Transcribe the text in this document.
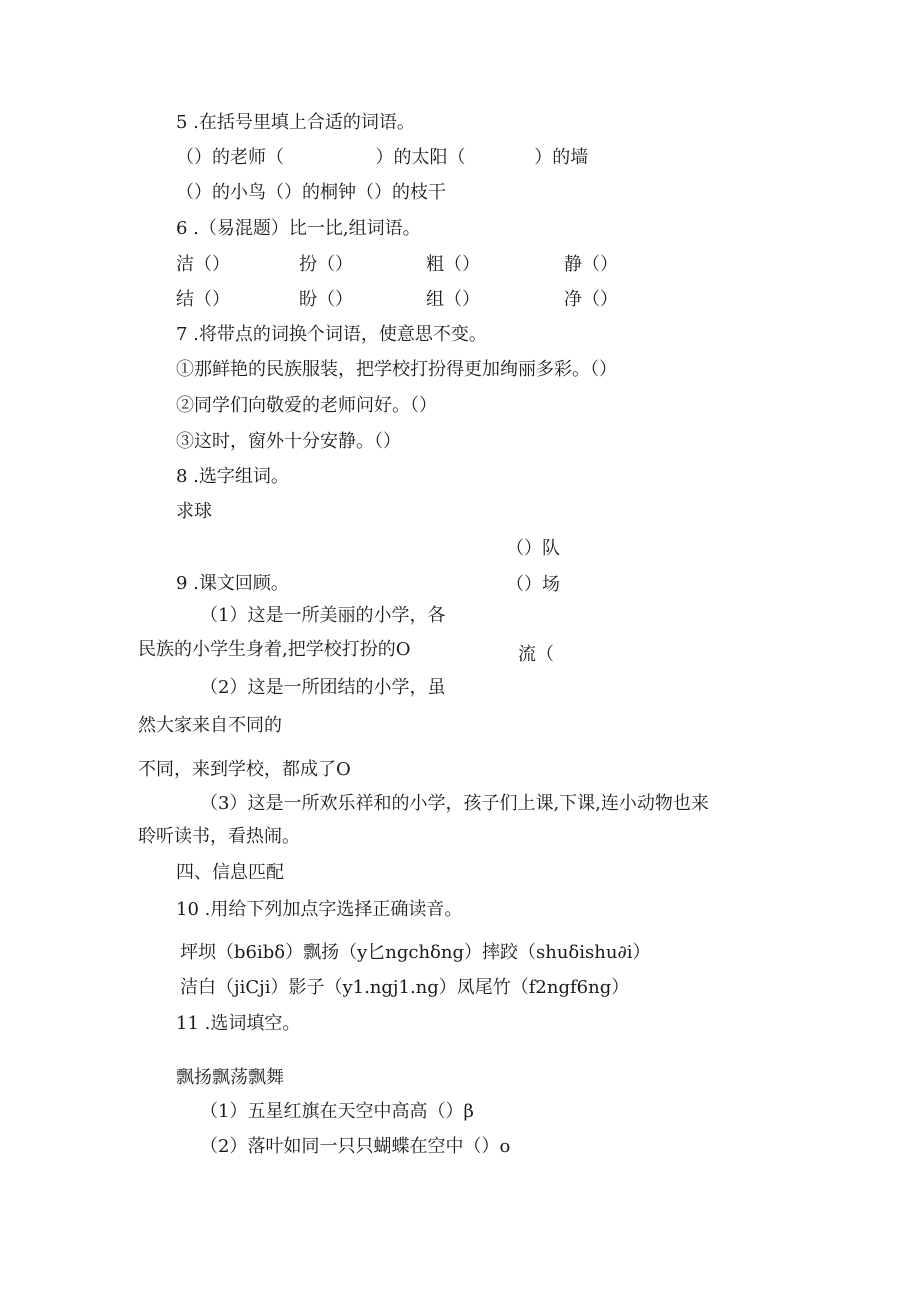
5 .在括号里填上合适的词语。
（）的老师（                ）的太阳（            ）的墙
（）的小鸟（）的桐钟（）的枝干
6 .（易混题）比一比,组词语。
洁（）	扮（）	粗（）	静（）
结（）	盼（）	组（）	净（）
7 .将带点的词换个词语，使意思不变。
①那鲜艳的民族服装，把学校打扮得更加绚丽多彩。（）
②同学们向敬爱的老师问好。（）
③这时，窗外十分安静。（）
8 .选字组词。
求球
（）队
9 .课文回顾。	（）场
（1）这是一所美丽的小学，各
民族的小学生身着,把学校打扮的O	流（
（2）这是一所团结的小学，虽
然大家来自不同的
不同，来到学校，都成了O
（3）这是一所欢乐祥和的小学，孩子们上课,下课,连小动物也来
聆听读书，看热闹。
四、信息匹配
10 .用给下列加点字选择正确读音。
坪坝（b6ibδ）飘扬（y匕ngchδng）摔跤（shuδishu∂i）
洁白（jiCji）影子（y1.ngj1.ng）凤尾竹（f2ngf6ng）
11 .选词填空。
飘扬飘荡飘舞
（1）五星红旗在天空中高高（）β
（2）落叶如同一只只蝴蝶在空中（）o
